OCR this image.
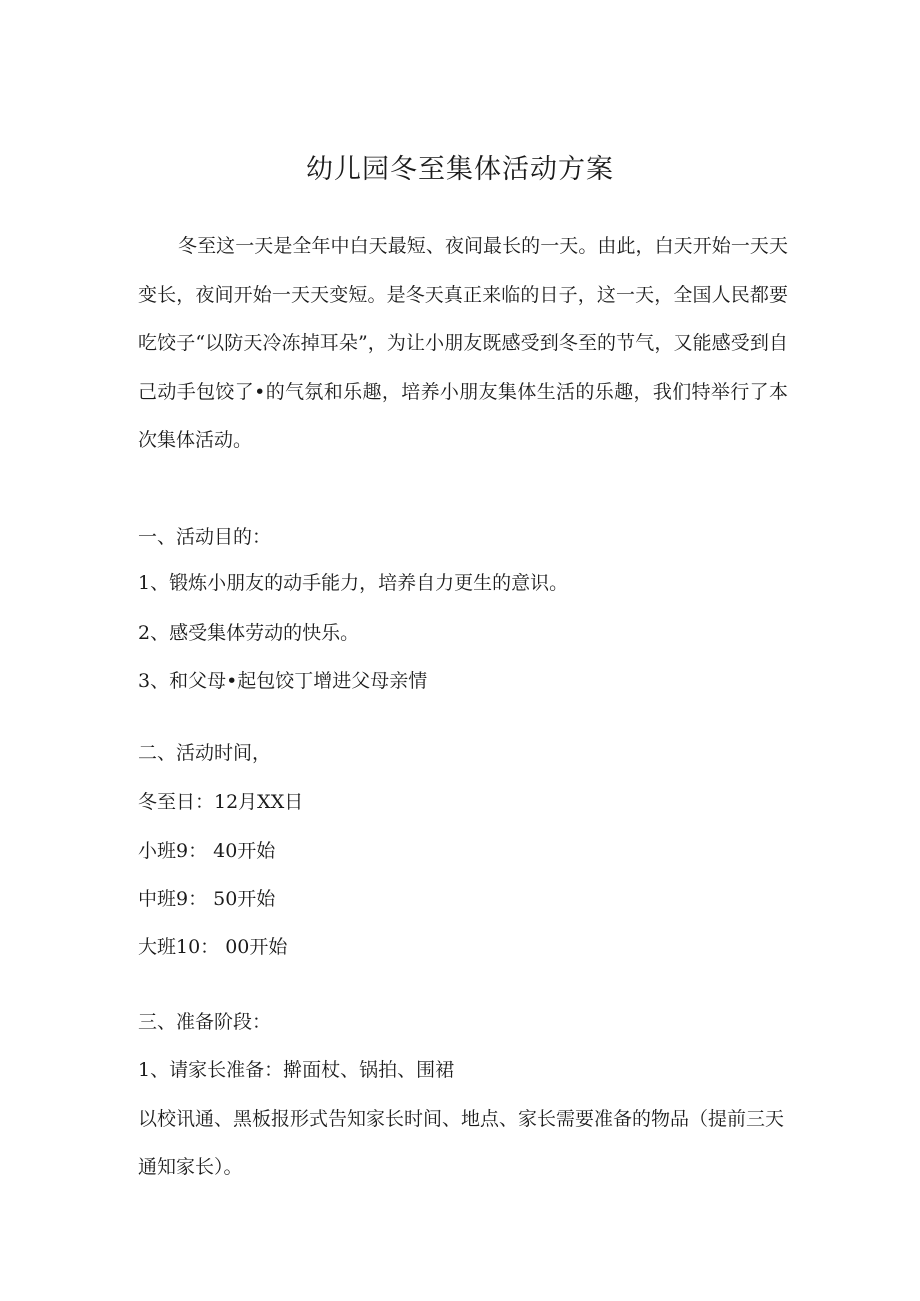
幼儿园冬至集体活动方案

冬至这一天是全年中白天最短、夜间最长的一天。由此，白天开始一天天变长，夜间开始一天天变短。是冬天真正来临的日子，这一天，全国人民都要吃饺子“以防天冷冻掉耳朵”，为让小朋友既感受到冬至的节气，又能感受到自己动手包饺了•的气氛和乐趣，培养小朋友集体生活的乐趣，我们特举行了本次集体活动。

一、活动目的：

1、锻炼小朋友的动手能力，培养自力更生的意识。

2、感受集体劳动的快乐。

3、和父母•起包饺丁增进父母亲情

二、活动时间，

冬至日：12月XX日

小班9： 40开始

中班9： 50开始

大班10： 00开始

三、准备阶段：

1、请家长准备：擀面杖、锅拍、围裙

以校讯通、黑板报形式告知家长时间、地点、家长需要准备的物品（提前三天通知家长）。
